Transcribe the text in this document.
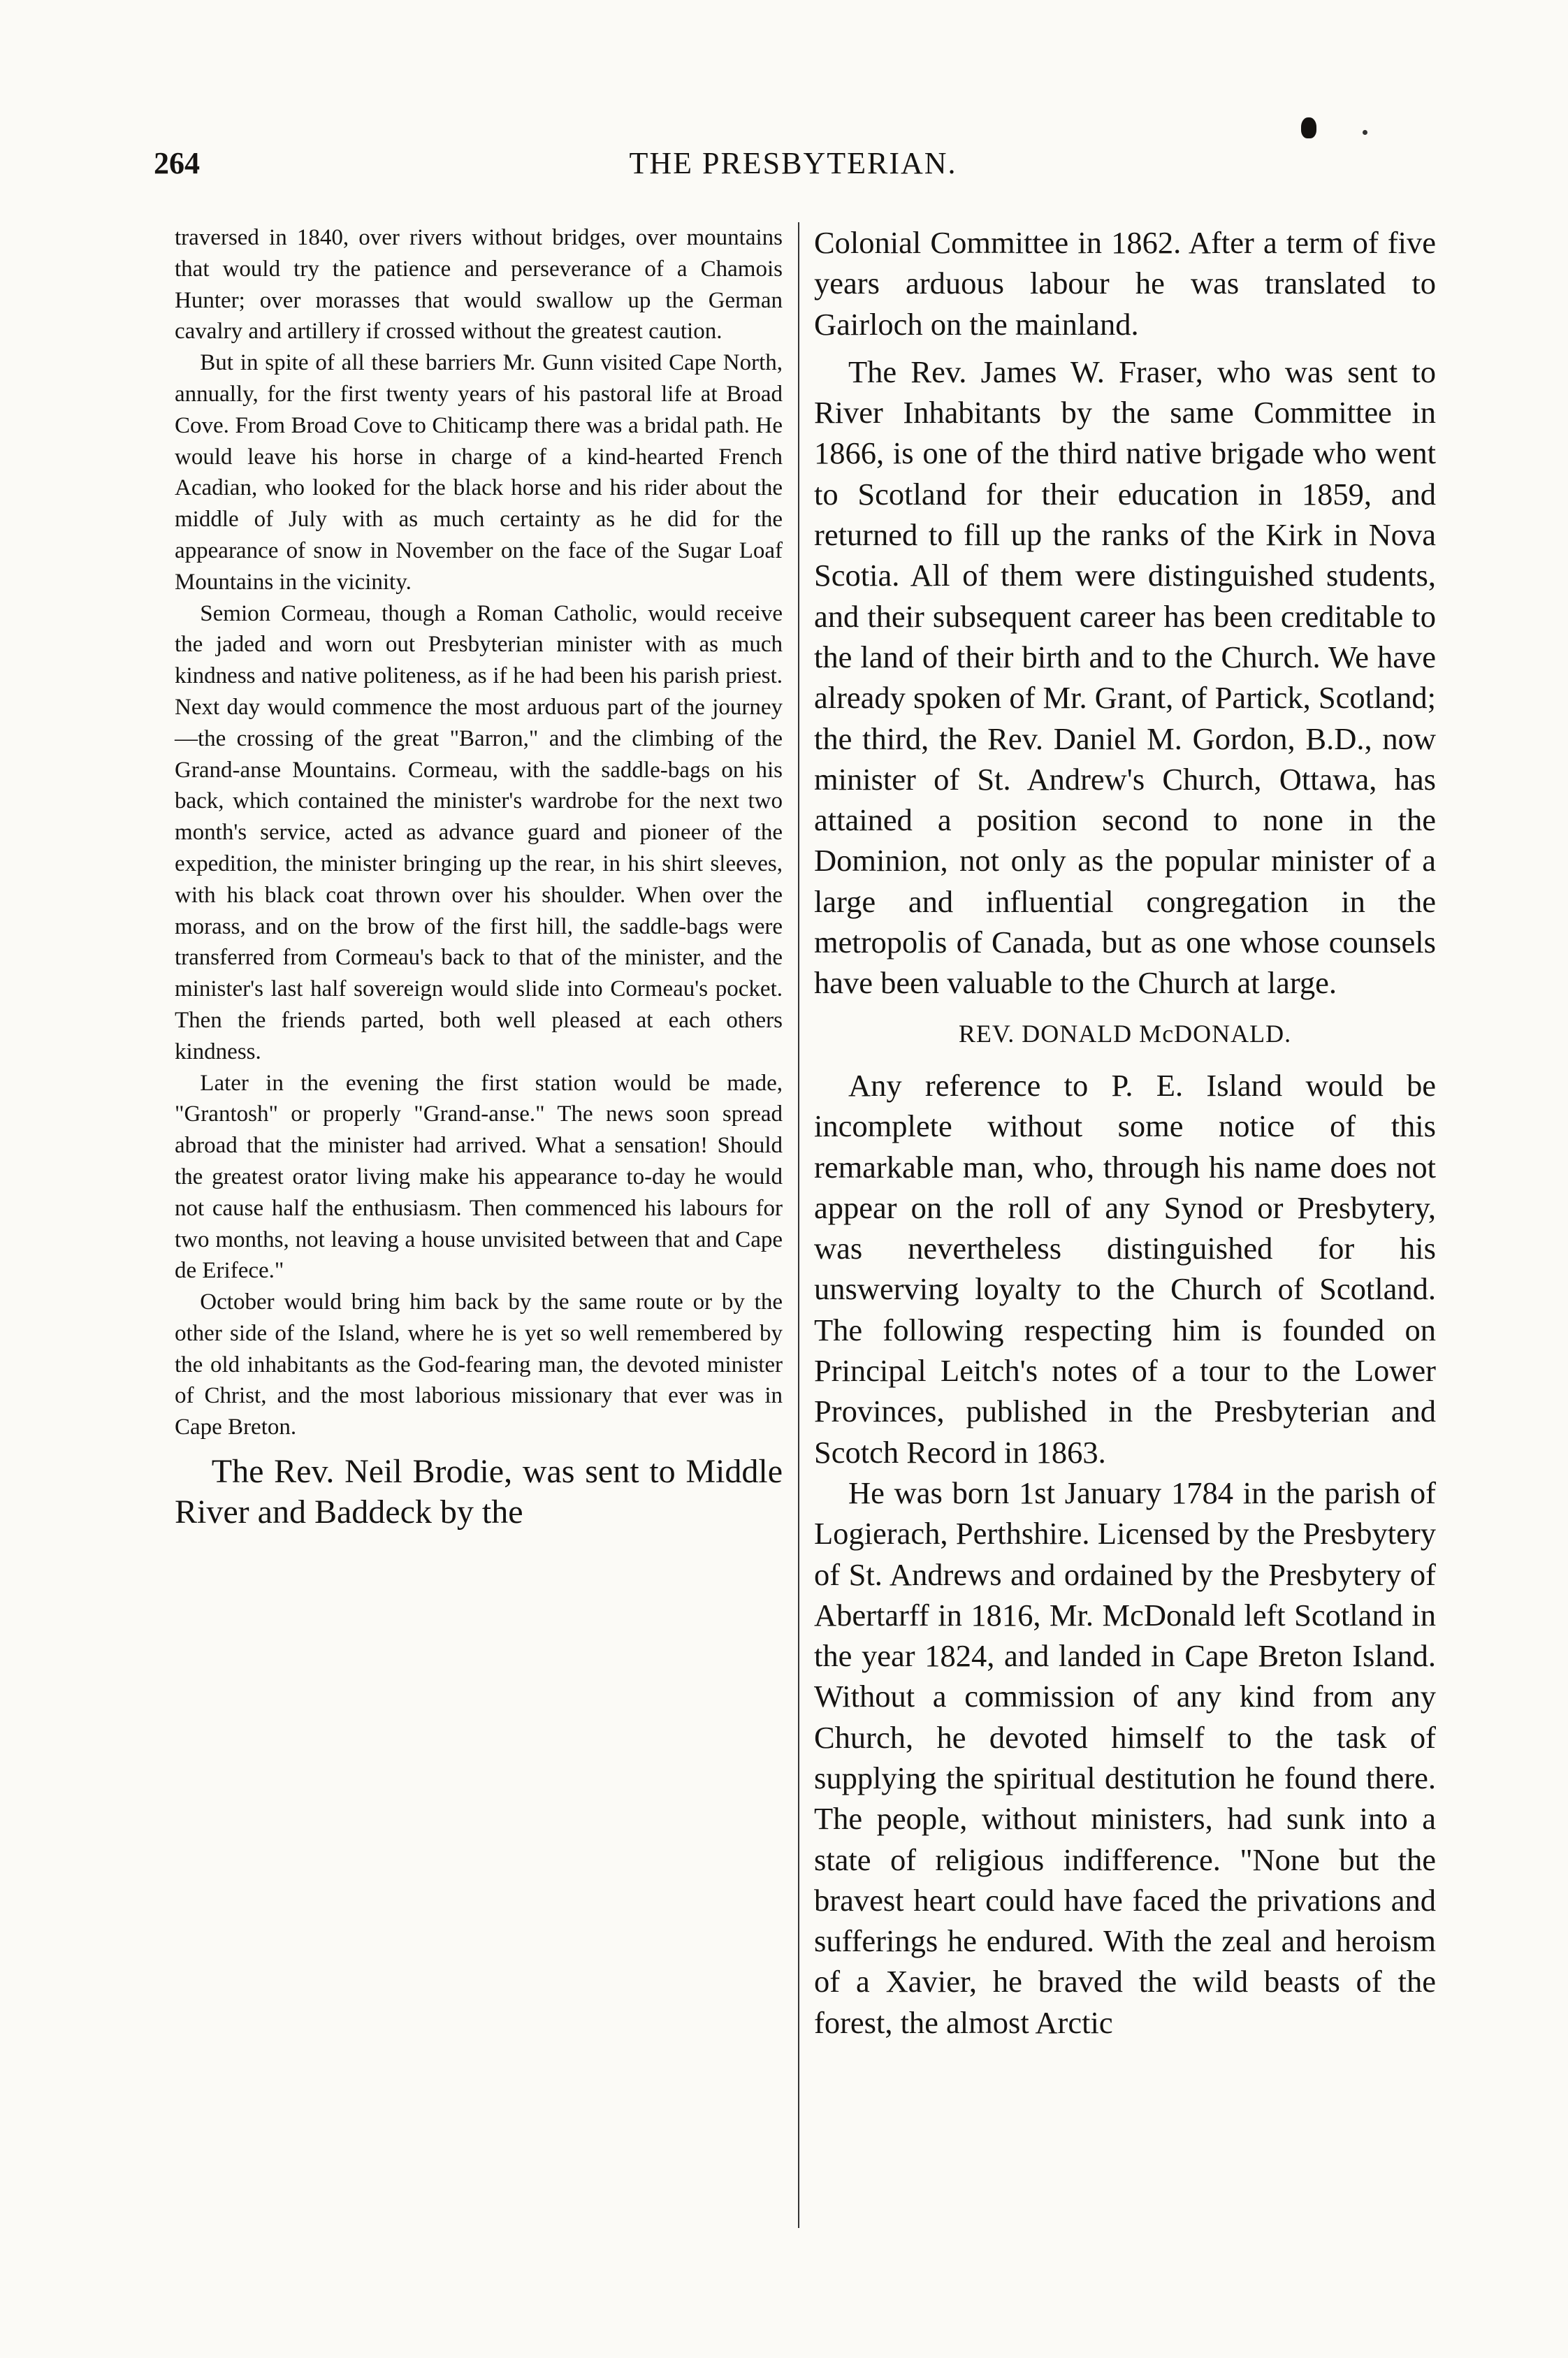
264	THE PRESBYTERIAN.

traversed in 1840, over rivers without bridges, over mountains that would try the patience and perseverance of a Chamois Hunter; over morasses that would swallow up the German cavalry and artillery if crossed without the greatest caution.

But in spite of all these barriers Mr. Gunn visited Cape North, annually, for the first twenty years of his pastoral life at Broad Cove. From Broad Cove to Chiticamp there was a bridal path. He would leave his horse in charge of a kind-hearted French Acadian, who looked for the black horse and his rider about the middle of July with as much certainty as he did for the appearance of snow in November on the face of the Sugar Loaf Mountains in the vicinity.

Semion Cormeau, though a Roman Catholic, would receive the jaded and worn out Presbyterian minister with as much kindness and native politeness, as if he had been his parish priest. Next day would commence the most arduous part of the journey—the crossing of the great "Barron," and the climbing of the Grand-anse Mountains. Cormeau, with the saddle-bags on his back, which contained the minister's wardrobe for the next two month's service, acted as advance guard and pioneer of the expedition, the minister bringing up the rear, in his shirt sleeves, with his black coat thrown over his shoulder. When over the morass, and on the brow of the first hill, the saddle-bags were transferred from Cormeau's back to that of the minister, and the minister's last half sovereign would slide into Cormeau's pocket. Then the friends parted, both well pleased at each others kindness.

Later in the evening the first station would be made, "Grantosh" or properly "Grand-anse." The news soon spread abroad that the minister had arrived. What a sensation! Should the greatest orator living make his appearance to-day he would not cause half the enthusiasm. Then commenced his labours for two months, not leaving a house unvisited between that and Cape de Erifece."

October would bring him back by the same route or by the other side of the Island, where he is yet so well remembered by the old inhabitants as the God-fearing man, the devoted minister of Christ, and the most laborious missionary that ever was in Cape Breton.

The Rev. Neil Brodie, was sent to Middle River and Baddeck by the

Colonial Committee in 1862. After a term of five years arduous labour he was translated to Gairloch on the mainland.

The Rev. James W. Fraser, who was sent to River Inhabitants by the same Committee in 1866, is one of the third native brigade who went to Scotland for their education in 1859, and returned to fill up the ranks of the Kirk in Nova Scotia. All of them were distinguished students, and their subsequent career has been creditable to the land of their birth and to the Church. We have already spoken of Mr. Grant, of Partick, Scotland; the third, the Rev. Daniel M. Gordon, B.D., now minister of St. Andrew's Church, Ottawa, has attained a position second to none in the Dominion, not only as the popular minister of a large and influential congregation in the metropolis of Canada, but as one whose counsels have been valuable to the Church at large.

REV. DONALD McDONALD.

Any reference to P. E. Island would be incomplete without some notice of this remarkable man, who, through his name does not appear on the roll of any Synod or Presbytery, was nevertheless distinguished for his unswerving loyalty to the Church of Scotland. The following respecting him is founded on Principal Leitch's notes of a tour to the Lower Provinces, published in the Presbyterian and Scotch Record in 1863.

He was born 1st January 1784 in the parish of Logierach, Perthshire. Licensed by the Presbytery of St. Andrews and ordained by the Presbytery of Abertarff in 1816, Mr. McDonald left Scotland in the year 1824, and landed in Cape Breton Island. Without a commission of any kind from any Church, he devoted himself to the task of supplying the spiritual destitution he found there. The people, without ministers, had sunk into a state of religious indifference. "None but the bravest heart could have faced the privations and sufferings he endured. With the zeal and heroism of a Xavier, he braved the wild beasts of the forest, the almost Arctic
